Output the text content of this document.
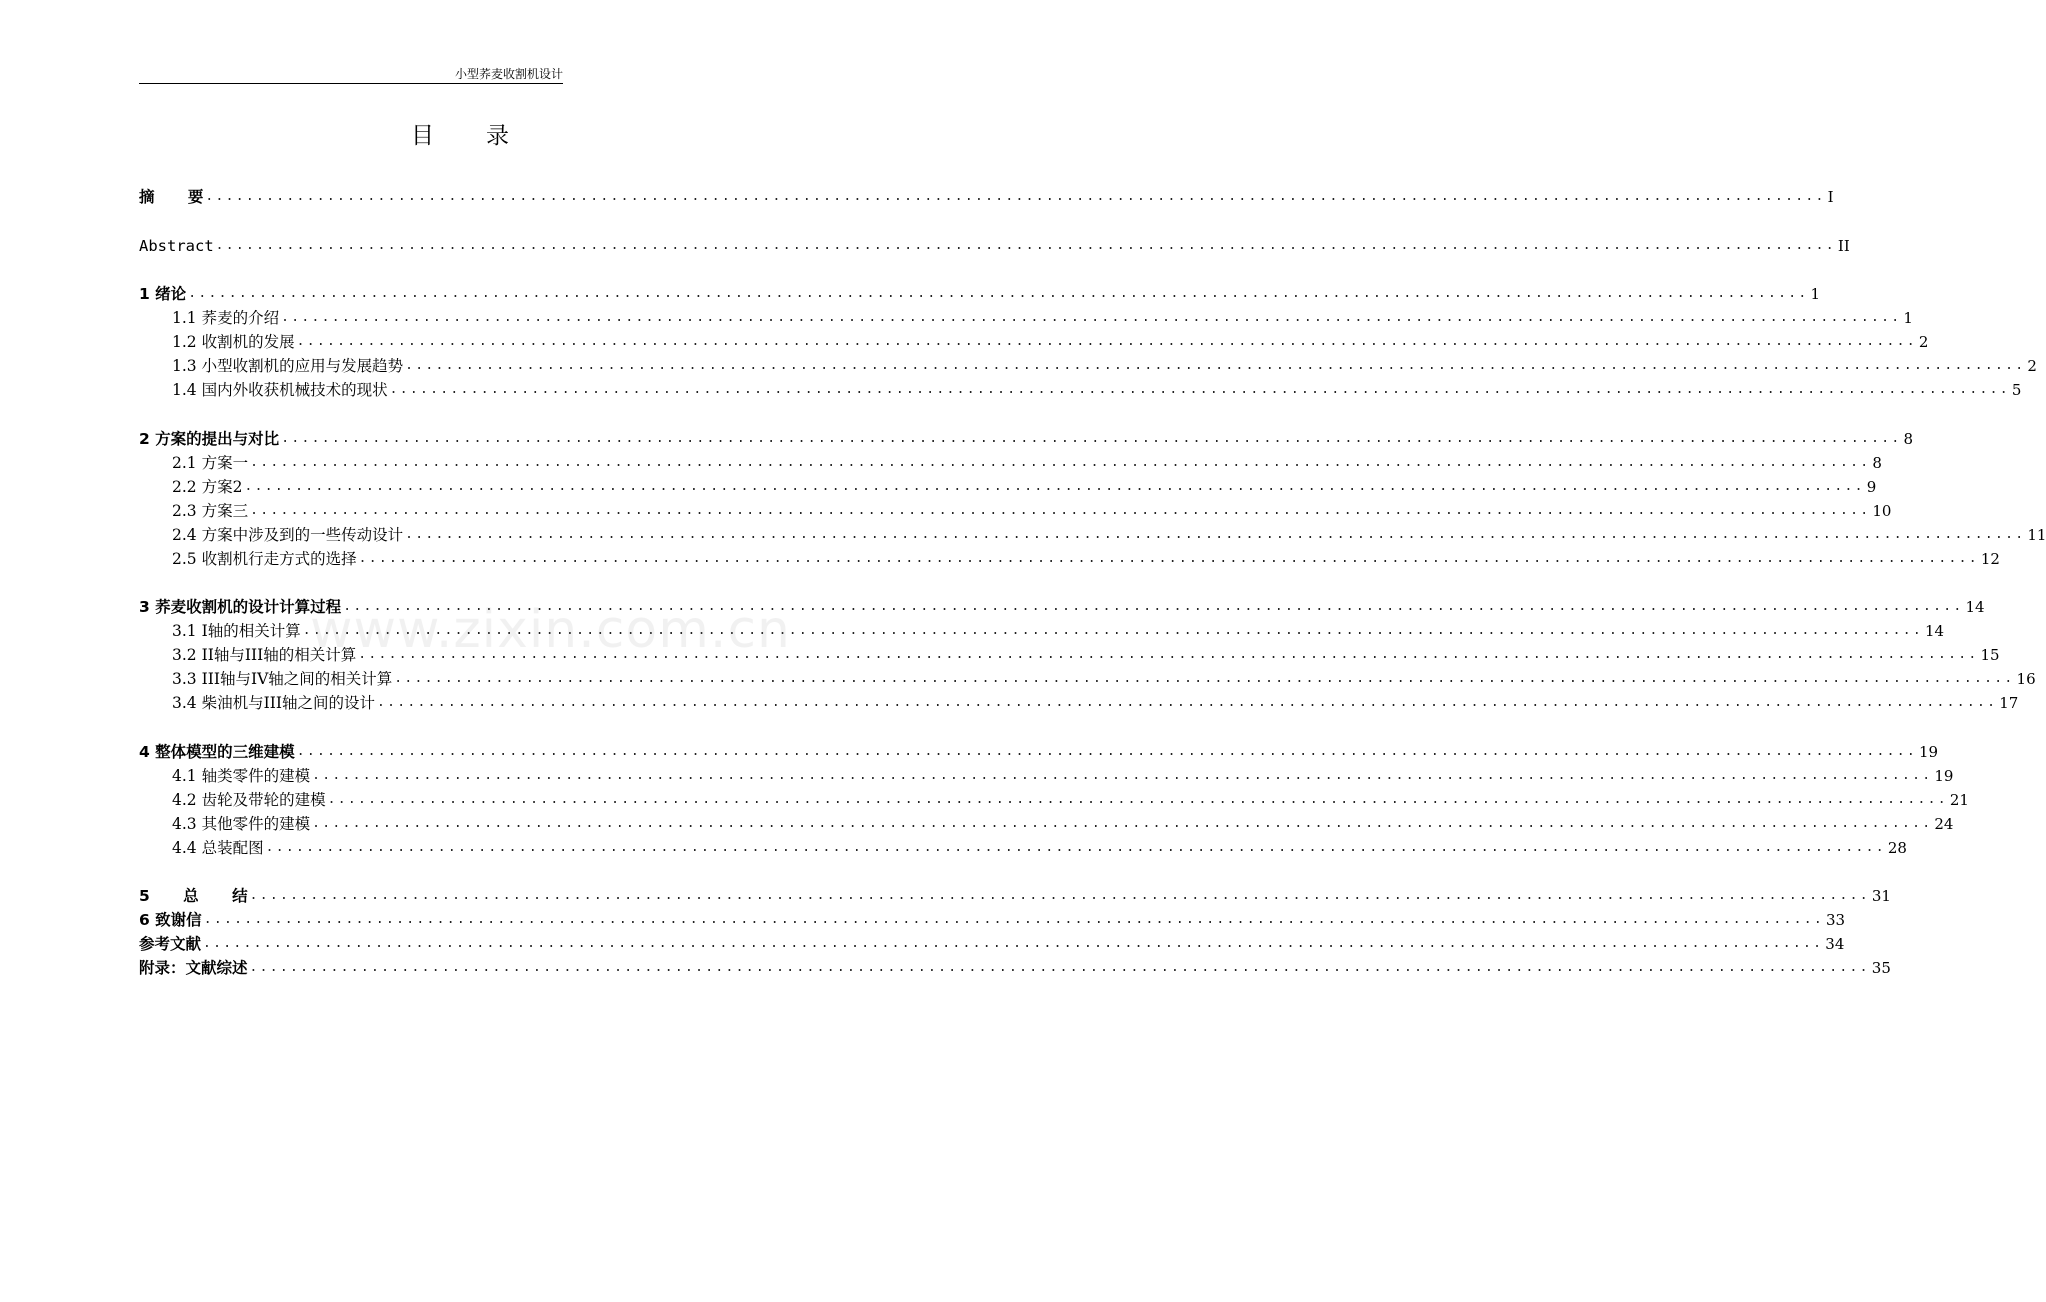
小型荞麦收割机设计
目录
摘 要 ................................................................................................................................................................ I
Abstract ................................................................................................................................................................ II
1 绪论 ................................................................................................................................................................ 1
1.1 荞麦的介绍 ................................................................................................................................................................ 1
1.2 收割机的发展 ................................................................................................................................................................ 2
1.3 小型收割机的应用与发展趋势 ................................................................................................................................................................ 2
1.4 国内外收获机械技术的现状 ................................................................................................................................................................ 5
2 方案的提出与对比 ................................................................................................................................................................ 8
2.1 方案一 ................................................................................................................................................................ 8
2.2 方案2 ................................................................................................................................................................ 9
2.3 方案三 ................................................................................................................................................................ 10
2.4 方案中涉及到的一些传动设计 ................................................................................................................................................................ 11
2.5 收割机行走方式的选择 ................................................................................................................................................................ 12
3 荞麦收割机的设计计算过程 ................................................................................................................................................................ 14
3.1 I轴的相关计算 ................................................................................................................................................................ 14
3.2 II轴与III轴的相关计算 ................................................................................................................................................................ 15
3.3 III轴与IV轴之间的相关计算 ................................................................................................................................................................ 16
3.4 柴油机与III轴之间的设计 ................................................................................................................................................................ 17
4 整体模型的三维建模 ................................................................................................................................................................ 19
4.1 轴类零件的建模 ................................................................................................................................................................ 19
4.2 齿轮及带轮的建模 ................................................................................................................................................................ 21
4.3 其他零件的建模 ................................................................................................................................................................ 24
4.4 总装配图 ................................................................................................................................................................ 28
5 总 结 ................................................................................................................................................................ 31
6 致谢信 ................................................................................................................................................................ 33
参考文献 ................................................................................................................................................................ 34
附录：文献综述 ................................................................................................................................................................ 35
www.zixin.com.cn
